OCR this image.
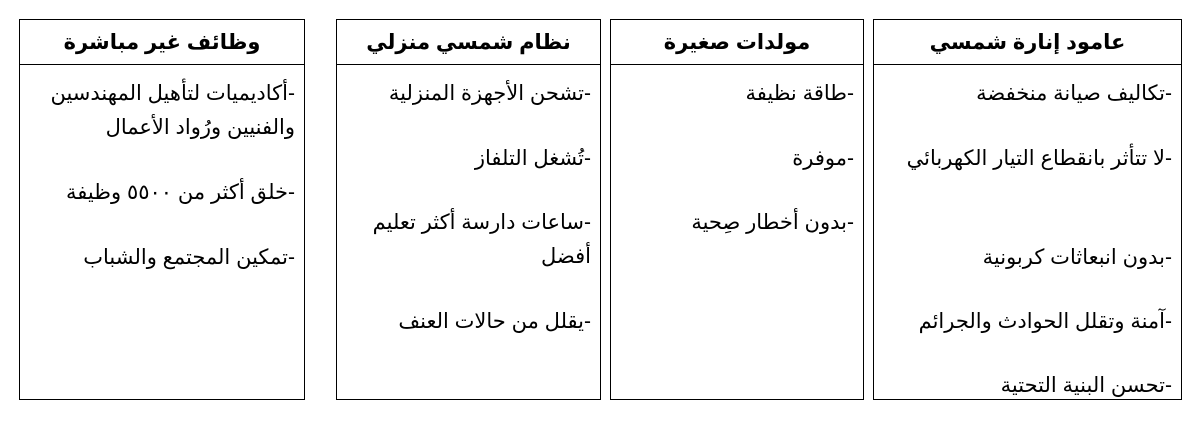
عامود إنارة شمسي
-تكاليف صيانة منخفضة
-لا تتأثر بانقطاع التيار الكهربائي
-بدون انبعاثات كربونية
-آمنة وتقلل الحوادث والجرائم
-تحسن البنية التحتية
مولدات صغيرة
-طاقة نظيفة
-موفرة
-بدون أخطار صِحية
نظام شمسي منزلي
-تشحن الأجهزة المنزلية
-تُشغل التلفاز
-ساعات دارسة أكثر تعليم أفضل
-يقلل من حالات العنف
وظائف غير مباشرة
-أكاديميات لتأهيل المهندسين والفنيين ورُواد الأعمال
-خلق أكثر من ٥٥٠٠ وظيفة
-تمكين المجتمع والشباب
